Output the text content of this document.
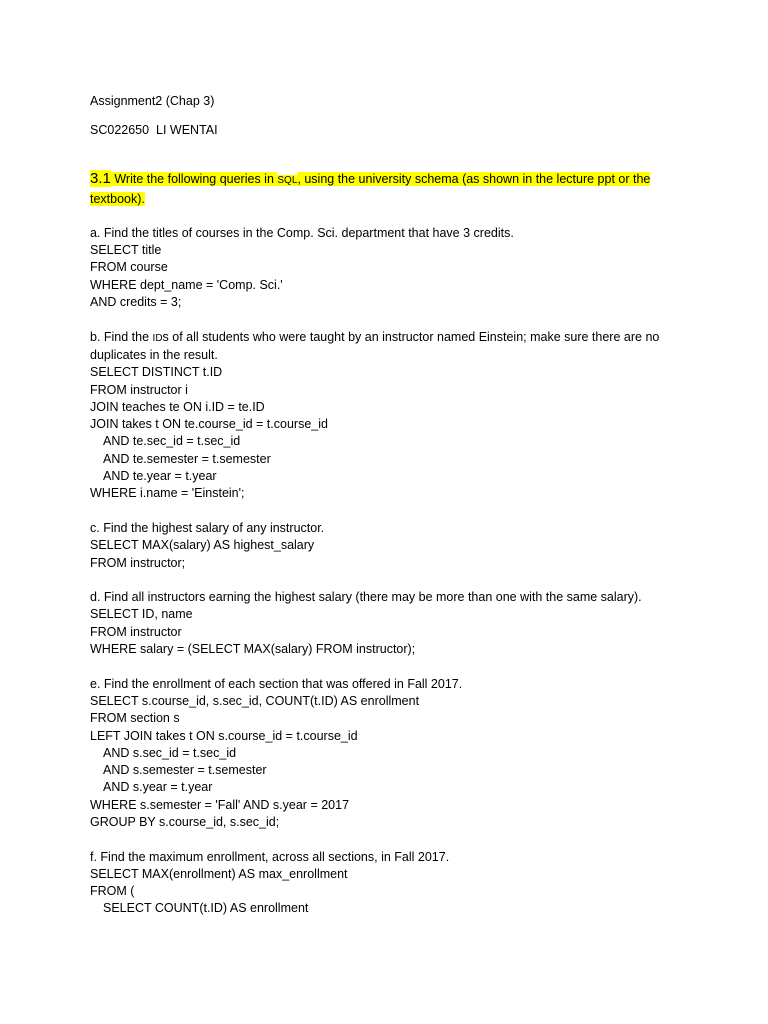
Assignment2 (Chap 3)
SC022650  LI WENTAI
3.1 Write the following queries in SQL, using the university schema (as shown in the lecture ppt or the textbook).
a. Find the titles of courses in the Comp. Sci. department that have 3 credits.
SELECT title
FROM course
WHERE dept_name = 'Comp. Sci.'
AND credits = 3;
b. Find the IDs of all students who were taught by an instructor named Einstein; make sure there are no duplicates in the result.
SELECT DISTINCT t.ID
FROM instructor i
JOIN teaches te ON i.ID = te.ID
JOIN takes t ON te.course_id = t.course_id
AND te.sec_id = t.sec_id
AND te.semester = t.semester
AND te.year = t.year
WHERE i.name = 'Einstein';
c. Find the highest salary of any instructor.
SELECT MAX(salary) AS highest_salary
FROM instructor;
d. Find all instructors earning the highest salary (there may be more than one with the same salary).
SELECT ID, name
FROM instructor
WHERE salary = (SELECT MAX(salary) FROM instructor);
e. Find the enrollment of each section that was offered in Fall 2017.
SELECT s.course_id, s.sec_id, COUNT(t.ID) AS enrollment
FROM section s
LEFT JOIN takes t ON s.course_id = t.course_id
AND s.sec_id = t.sec_id
AND s.semester = t.semester
AND s.year = t.year
WHERE s.semester = 'Fall' AND s.year = 2017
GROUP BY s.course_id, s.sec_id;
f. Find the maximum enrollment, across all sections, in Fall 2017.
SELECT MAX(enrollment) AS max_enrollment
FROM (
SELECT COUNT(t.ID) AS enrollment
